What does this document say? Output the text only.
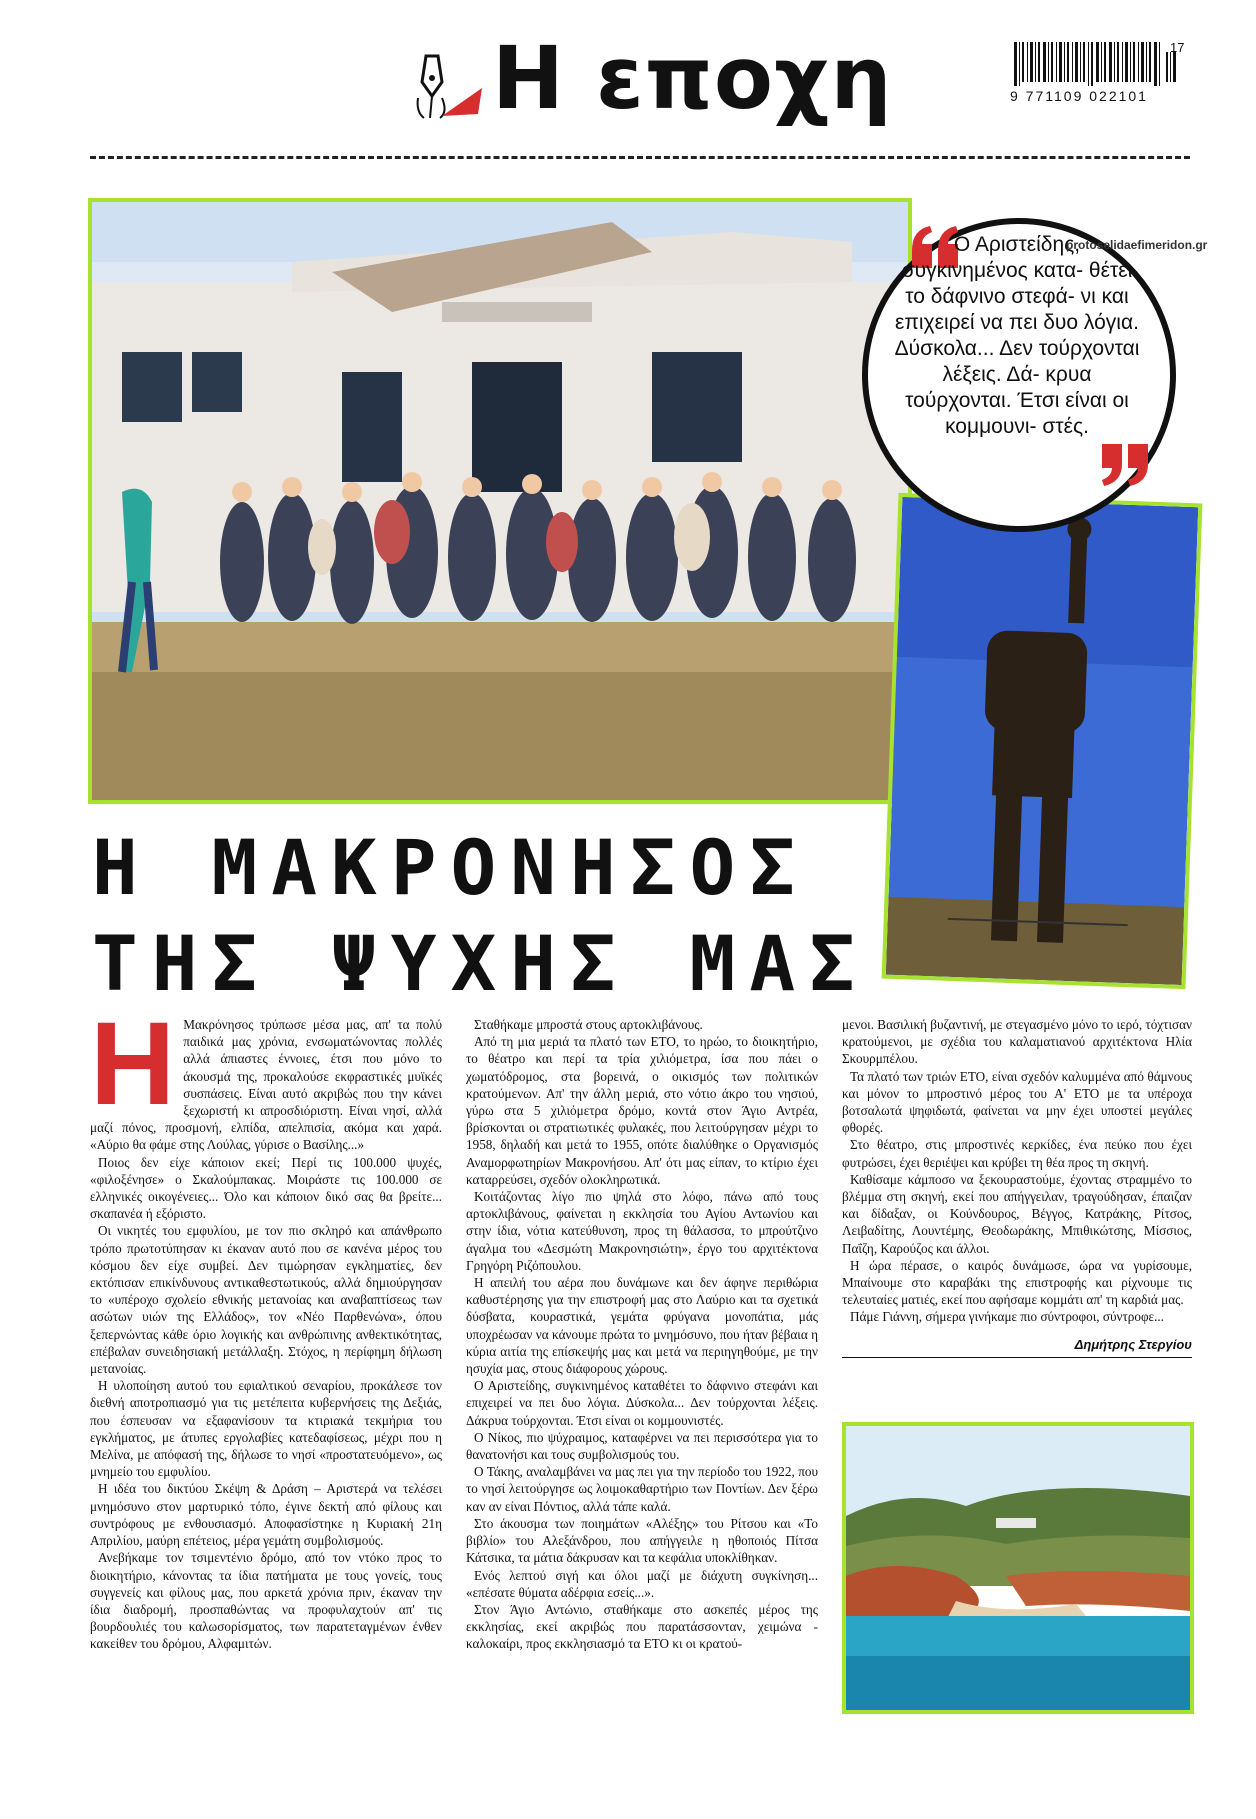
Η εποχη	17
9 771109 022101
Ο Αριστείδης, συγκινημένος κατα- θέτει το δάφνινο στεφά- νι και επιχειρεί να πει δυο λόγια. Δύσκολα... Δεν τούρχονται λέξεις. Δά- κρυα τούρχονται. Έτσι είναι οι κομμουνι- στές.
protoselidaefimeridon.gr
Η ΜΑΚΡΟΝΗΣΟΣ
ΤΗΣ ΨΥΧΗΣ ΜΑΣ
Η Μακρόνησος τρύπωσε μέσα μας, απ' τα πολύ παιδικά μας χρόνια, ενσωματώνοντας πολλές αλλά άπιαστες έννοιες, έτσι που μόνο το άκουσμά της, προκαλούσε εκφραστικές μυϊκές συσπάσεις. Είναι αυτό ακριβώς που την κάνει ξεχωριστή κι απροσδιόριστη. Είναι νησί, αλλά μαζί πόνος, προσμονή, ελπίδα, απελπισία, ακόμα και χαρά. «Αύριο θα φάμε στης Λούλας, γύρισε ο Βασίλης...»

Ποιος δεν είχε κάποιον εκεί; Περί τις 100.000 ψυχές, «φιλοξένησε» ο Σκαλούμπακας. Μοιράστε τις 100.000 σε ελληνικές οικογένειες... Όλο και κάποιον δικό σας θα βρείτε... σκαπανέα ή εξόριστο.

Οι νικητές του εμφυλίου, με τον πιο σκληρό και απάνθρωπο τρόπο πρωτοτύπησαν κι έκαναν αυτό που σε κανένα μέρος του κόσμου δεν είχε συμβεί. Δεν τιμώρησαν εγκληματίες, δεν εκτόπισαν επικίνδυνους αντικαθεστωτικούς, αλλά δημιούργησαν το «υπέροχο σχολείο εθνικής μετανοίας και αναβαπτίσεως των ασώτων υιών της Ελλάδος», τον «Νέο Παρθενώνα», όπου ξεπερνώντας κάθε όριο λογικής και ανθρώπινης ανθεκτικότητας, επέβαλαν συνειδησιακή μετάλλαξη. Στόχος, η περίφημη δήλωση μετανοίας.

Η υλοποίηση αυτού του εφιαλτικού σεναρίου, προκάλεσε τον διεθνή αποτροπιασμό για τις μετέπειτα κυβερνήσεις της Δεξιάς, που έσπευσαν να εξαφανίσουν τα κτιριακά τεκμήρια του εγκλήματος, με άτυπες εργολαβίες κατεδαφίσεως, μέχρι που η Μελίνα, με απόφασή της, δήλωσε το νησί «προστατευόμενο», ως μνημείο του εμφυλίου.

Η ιδέα του δικτύου Σκέψη & Δράση – Αριστερά να τελέσει μνημόσυνο στον μαρτυρικό τόπο, έγινε δεκτή από φίλους και συντρόφους με ενθουσιασμό. Αποφασίστηκε η Κυριακή 21η Απριλίου, μαύρη επέτειος, μέρα γεμάτη συμβολισμούς.

Ανεβήκαμε τον τσιμεντένιο δρόμο, από τον ντόκο προς το διοικητήριο, κάνοντας τα ίδια πατήματα με τους γονείς, τους συγγενείς και φίλους μας, που αρκετά χρόνια πριν, έκαναν την ίδια διαδρομή, προσπαθώντας να προφυλαχτούν απ' τις βουρδουλιές του καλωσορίσματος, των παρατεταγμένων ένθεν κακείθεν του δρόμου, Αλφαμιτών.

Σταθήκαμε μπροστά στους αρτοκλιβάνους.

Από τη μια μεριά τα πλατό των ΕΤΟ, το ηρώο, το διοικητήριο, το θέατρο και περί τα τρία χιλιόμετρα, ίσα που πάει ο χωματόδρομος, στα βορεινά, ο οικισμός των πολιτικών κρατούμενων. Απ' την άλλη μεριά, στο νότιο άκρο του νησιού, γύρω στα 5 χιλιόμετρα δρόμο, κοντά στον Άγιο Αντρέα, βρίσκονται οι στρατιωτικές φυλακές, που λειτούργησαν μέχρι το 1958, δηλαδή και μετά το 1955, οπότε διαλύθηκε ο Οργανισμός Αναμορφωτηρίων Μακρονήσου. Απ' ότι μας είπαν, το κτίριο έχει καταρρεύσει, σχεδόν ολοκληρωτικά.

Κοιτάζοντας λίγο πιο ψηλά στο λόφο, πάνω από τους αρτοκλιβάνους, φαίνεται η εκκλησία του Αγίου Αντωνίου και στην ίδια, νότια κατεύθυνση, προς τη θάλασσα, το μπρούτζινο άγαλμα του «Δεσμώτη Μακρονησιώτη», έργο του αρχιτέκτονα Γρηγόρη Ριζόπουλου.

Η απειλή του αέρα που δυνάμωνε και δεν άφηνε περιθώρια καθυστέρησης για την επιστροφή μας στο Λαύριο και τα σχετικά δύσβατα, κουραστικά, γεμάτα φρύγανα μονοπάτια, μάς υποχρέωσαν να κάνουμε πρώτα το μνημόσυνο, που ήταν βέβαια η κύρια αιτία της επίσκεψής μας και μετά να περιηγηθούμε, με την ησυχία μας, στους διάφορους χώρους.

Ο Αριστείδης, συγκινημένος καταθέτει το δάφνινο στεφάνι και επιχειρεί να πει δυο λόγια. Δύσκολα... Δεν τούρχονται λέξεις. Δάκρυα τούρχονται. Έτσι είναι οι κομμουνιστές.

Ο Νίκος, πιο ψύχραιμος, καταφέρνει να πει περισσότερα για το θανατονήσι και τους συμβολισμούς του.

Ο Τάκης, αναλαμβάνει να μας πει για την περίοδο του 1922, που το νησί λειτούργησε ως λοιμοκαθαρτήριο των Ποντίων. Δεν ξέρω καν αν είναι Πόντιος, αλλά τάπε καλά.

Στο άκουσμα των ποιημάτων «Αλέξης» του Ρίτσου και «Το βιβλίο» του Αλεξάνδρου, που απήγγειλε η ηθοποιός Πίτσα Κάτσικα, τα μάτια δάκρυσαν και τα κεφάλια υποκλίθηκαν.

Ενός λεπτού σιγή και όλοι μαζί με διάχυτη συγκίνηση... «επέσατε θύματα αδέρφια εσείς...».

Στον Άγιο Αντώνιο, σταθήκαμε στο ασκεπές μέρος της εκκλησίας, εκεί ακριβώς που παρατάσσονταν, χειμώνα - καλοκαίρι, προς εκκλησιασμό τα ΕΤΟ κι οι κρατού-

μενοι. Βασιλική βυζαντινή, με στεγασμένο μόνο το ιερό, τόχτισαν κρατούμενοι, με σχέδια του καλαματιανού αρχιτέκτονα Ηλία Σκουρμπέλου.

Τα πλατό των τριών ΕΤΟ, είναι σχεδόν καλυμμένα από θάμνους και μόνον το μπροστινό μέρος του Α' ΕΤΟ με τα υπέροχα βοτσαλωτά ψηφιδωτά, φαίνεται να μην έχει υποστεί μεγάλες φθορές.

Στο θέατρο, στις μπροστινές κερκίδες, ένα πεύκο που έχει φυτρώσει, έχει θεριέψει και κρύβει τη θέα προς τη σκηνή.

Καθίσαμε κάμποσο να ξεκουραστούμε, έχοντας στραμμένο το βλέμμα στη σκηνή, εκεί που απήγγειλαν, τραγούδησαν, έπαιζαν και δίδαξαν, οι Κούνδουρος, Βέγγος, Κατράκης, Ρίτσος, Λειβαδίτης, Λουντέμης, Θεοδωράκης, Μπιθικώτσης, Μίσσιος, Παΐζη, Καρούζος και άλλοι.

Η ώρα πέρασε, ο καιρός δυνάμωσε, ώρα να γυρίσουμε, Μπαίνουμε στο καραβάκι της επιστροφής και ρίχνουμε τις τελευταίες ματιές, εκεί που αφήσαμε κομμάτι απ' τη καρδιά μας.

Πάμε Γιάννη, σήμερα γινήκαμε πιο σύντροφοι, σύντροφε...

Δημήτρης Στεργίου
